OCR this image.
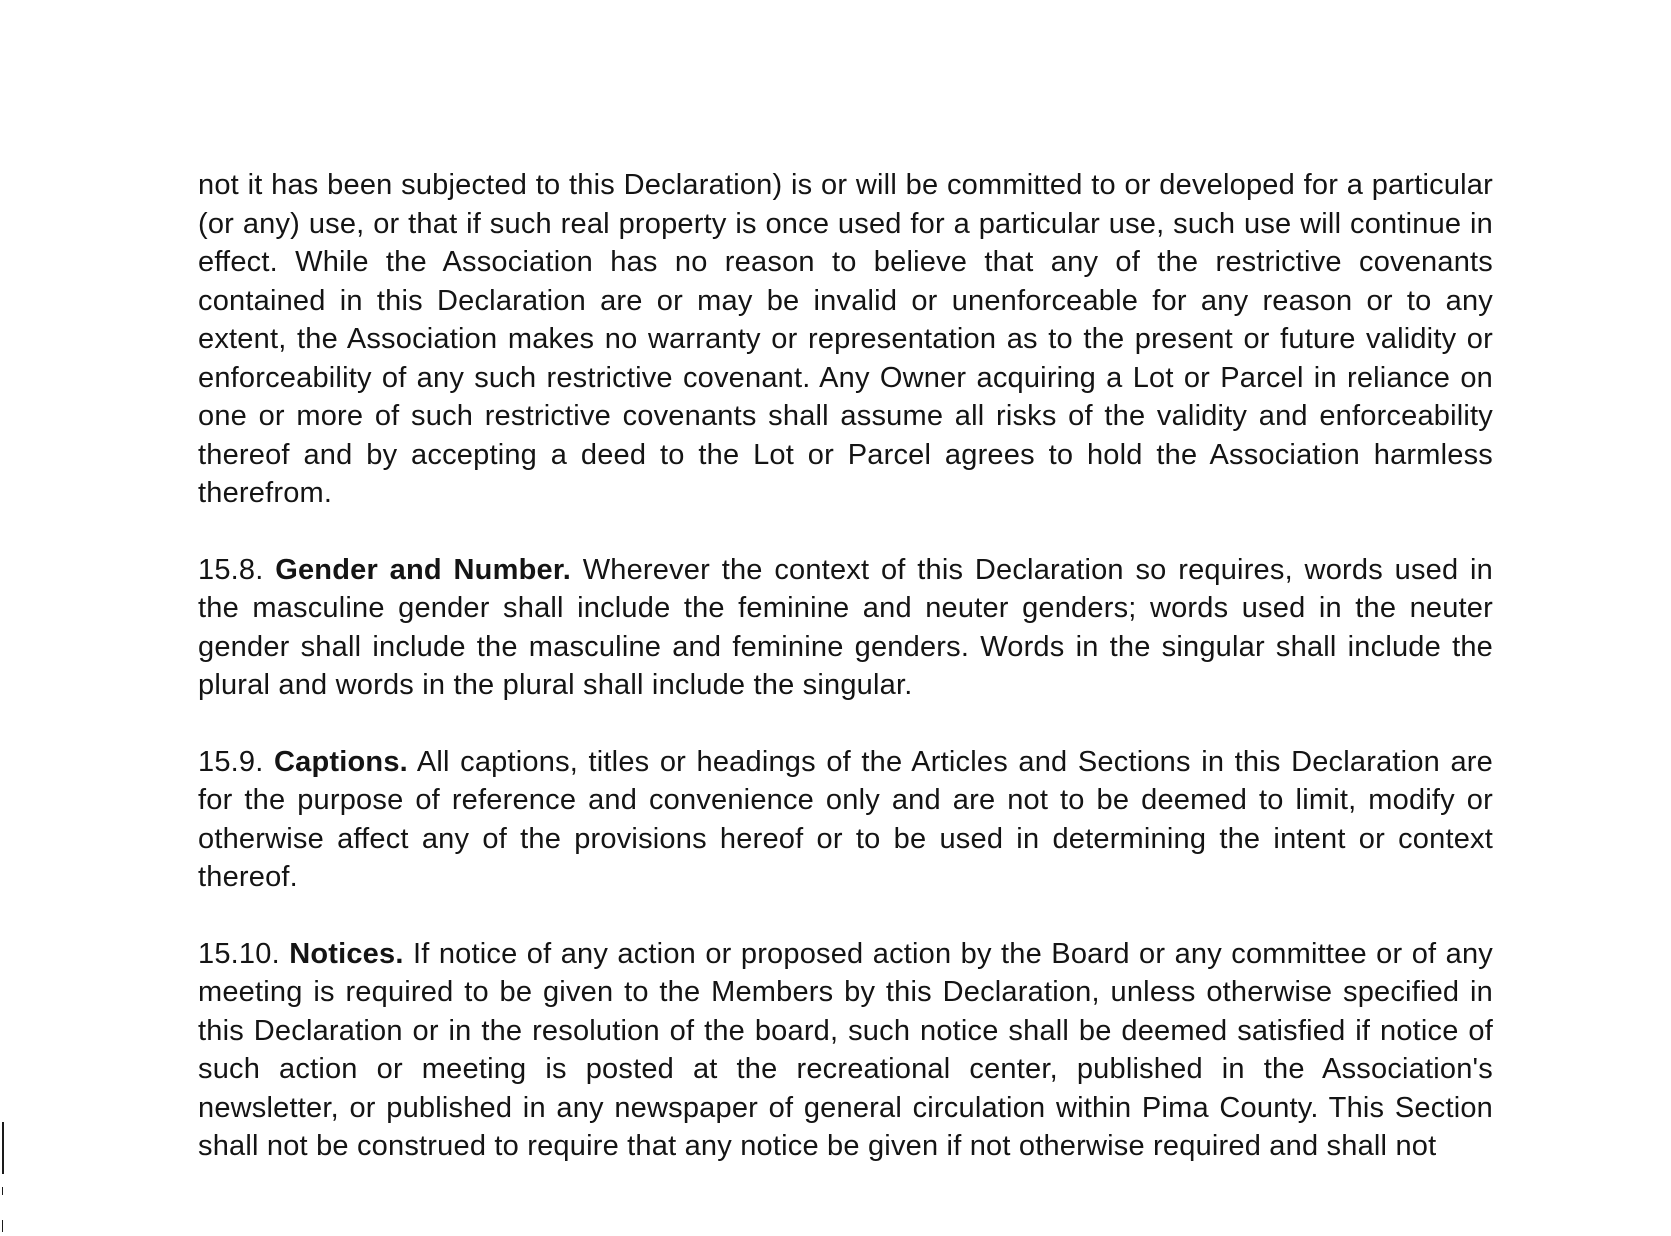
not it has been subjected to this Declaration) is or will be committed to or developed for a particular (or any) use, or that if such real property is once used for a particular use, such use will continue in effect. While the Association has no reason to believe that any of the restrictive covenants contained in this Declaration are or may be invalid or unenforceable for any reason or to any extent, the Association makes no warranty or representation as to the present or future validity or enforceability of any such restrictive covenant. Any Owner acquiring a Lot or Parcel in reliance on one or more of such restrictive covenants shall assume all risks of the validity and enforceability thereof and by accepting a deed to the Lot or Parcel agrees to hold the Association harmless therefrom.

15.8. Gender and Number. Wherever the context of this Declaration so requires, words used in the masculine gender shall include the feminine and neuter genders; words used in the neuter gender shall include the masculine and feminine genders. Words in the singular shall include the plural and words in the plural shall include the singular.

15.9. Captions. All captions, titles or headings of the Articles and Sections in this Declaration are for the purpose of reference and convenience only and are not to be deemed to limit, modify or otherwise affect any of the provisions hereof or to be used in determining the intent or context thereof.

15.10. Notices. If notice of any action or proposed action by the Board or any committee or of any meeting is required to be given to the Members by this Declaration, unless otherwise specified in this Declaration or in the resolution of the board, such notice shall be deemed satisfied if notice of such action or meeting is posted at the recreational center, published in the Association's newsletter, or published in any newspaper of general circulation within Pima County. This Section shall not be construed to require that any notice be given if not otherwise required and shall not
